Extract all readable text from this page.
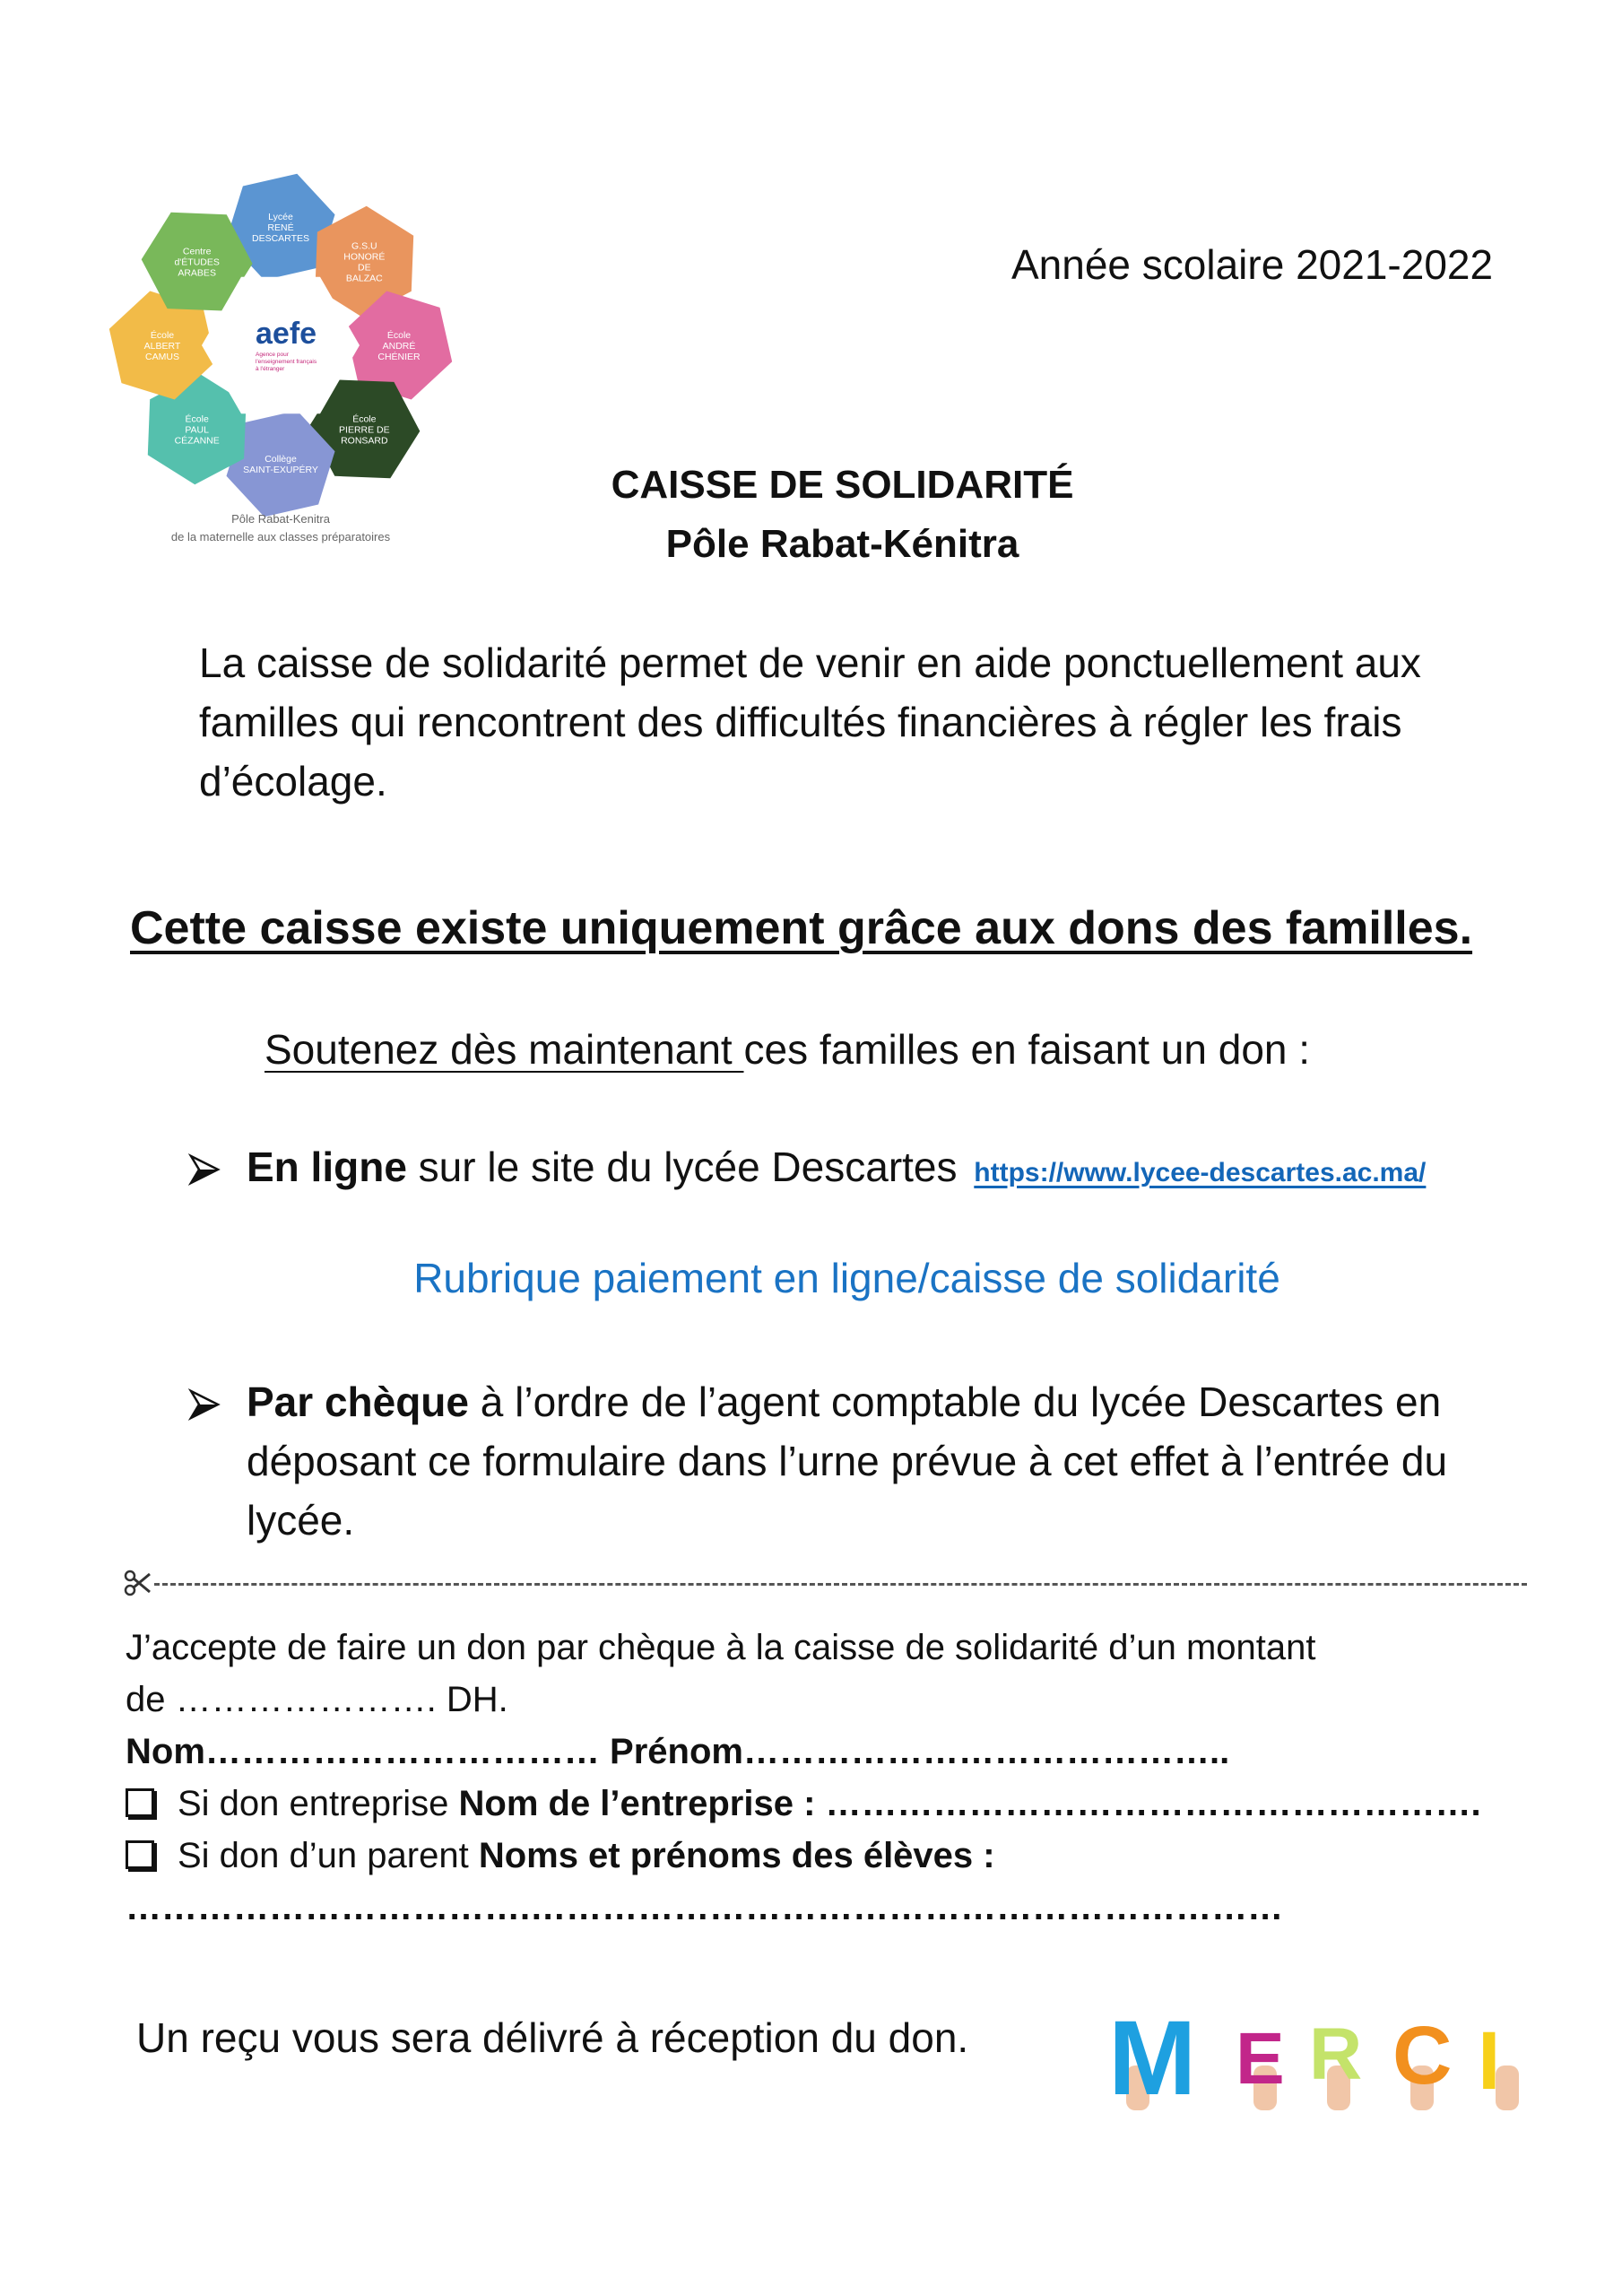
Lycée
RENÉ
DESCARTES
G.S.U
HONORÉ
DE
BALZAC
École
ANDRÉ
CHÉNIER
École
PIERRE DE
RONSARD
Collège
SAINT-EXUPÉRY
École
PAUL
CÉZANNE
École
ALBERT
CAMUS
Centre
d'ÉTUDES
ARABES
aefe
Agence pour
l'enseignement français
à l'étranger
Pôle Rabat-Kenitra
de la maternelle aux classes préparatoires
Année scolaire 2021-2022
CAISSE DE SOLIDARITÉ
Pôle Rabat-Kénitra
La caisse de solidarité permet de venir en aide ponctuellement aux familles qui rencontrent des difficultés financières à régler les frais d’écolage.
Cette caisse existe uniquement grâce aux dons des familles.
Soutenez dès maintenant ces familles en faisant un don :
En ligne sur le site du lycée Descartes https://www.lycee-descartes.ac.ma/
Rubrique paiement en ligne/caisse de solidarité
Par chèque à l’ordre de l’agent comptable du lycée Descartes en déposant ce formulaire dans l’urne prévue à cet effet à l’entrée du lycée.
J’accepte de faire un don par chèque à la caisse de solidarité d’un montant
de …………………. DH.
Nom…………………………… Prénom…………………………………..
Si don entreprise Nom de l’entreprise : ……………………………………………….
Si don d’un parent Noms et prénoms des élèves :
…………………………….………………………………………………………
Un reçu vous sera délivré à réception du don. M E R C I
